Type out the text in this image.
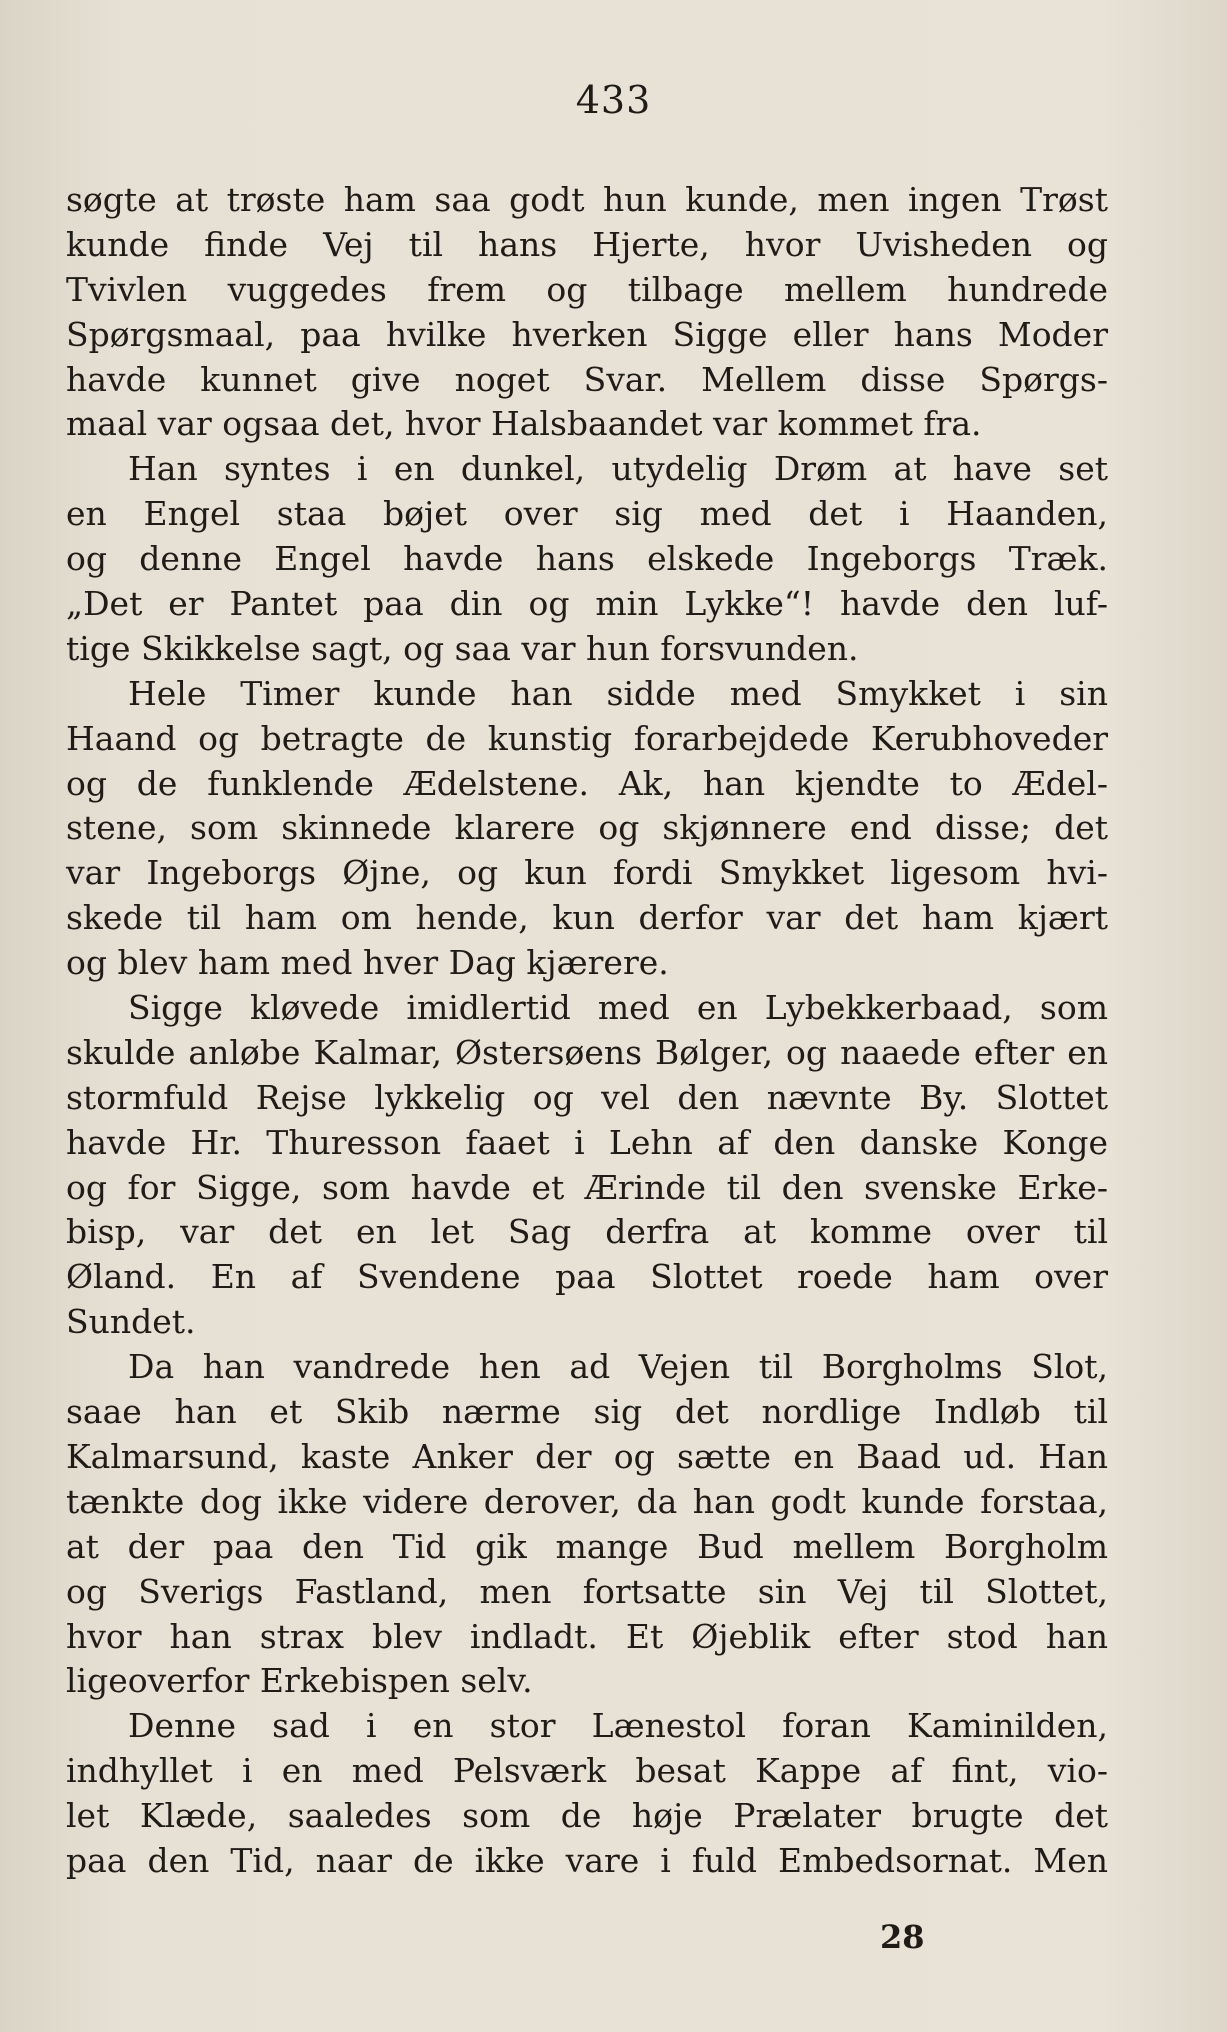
433
søgte at trøste ham saa godt hun kunde, men ingen Trøst
kunde finde Vej til hans Hjerte, hvor Uvisheden og
Tvivlen vuggedes frem og tilbage mellem hundrede
Spørgsmaal, paa hvilke hverken Sigge eller hans Moder
havde kunnet give noget Svar. Mellem disse Spørgs-
maal var ogsaa det, hvor Halsbaandet var kommet fra.
Han syntes i en dunkel, utydelig Drøm at have set
en Engel staa bøjet over sig med det i Haanden,
og denne Engel havde hans elskede Ingeborgs Træk.
„Det er Pantet paa din og min Lykke“! havde den luf-
tige Skikkelse sagt, og saa var hun forsvunden.
Hele Timer kunde han sidde med Smykket i sin
Haand og betragte de kunstig forarbejdede Kerubhoveder
og de funklende Ædelstene. Ak, han kjendte to Ædel-
stene, som skinnede klarere og skjønnere end disse; det
var Ingeborgs Øjne, og kun fordi Smykket ligesom hvi-
skede til ham om hende, kun derfor var det ham kjært
og blev ham med hver Dag kjærere.
Sigge kløvede imidlertid med en Lybekkerbaad, som
skulde anløbe Kalmar, Østersøens Bølger, og naaede efter en
stormfuld Rejse lykkelig og vel den nævnte By. Slottet
havde Hr. Thuresson faaet i Lehn af den danske Konge
og for Sigge, som havde et Ærinde til den svenske Erke-
bisp, var det en let Sag derfra at komme over til
Øland. En af Svendene paa Slottet roede ham over
Sundet.
Da han vandrede hen ad Vejen til Borgholms Slot,
saae han et Skib nærme sig det nordlige Indløb til
Kalmarsund, kaste Anker der og sætte en Baad ud. Han
tænkte dog ikke videre derover, da han godt kunde forstaa,
at der paa den Tid gik mange Bud mellem Borgholm
og Sverigs Fastland, men fortsatte sin Vej til Slottet,
hvor han strax blev indladt. Et Øjeblik efter stod han
ligeoverfor Erkebispen selv.
Denne sad i en stor Lænestol foran Kaminilden,
indhyllet i en med Pelsværk besat Kappe af fint, vio-
let Klæde, saaledes som de høje Prælater brugte det
paa den Tid, naar de ikke vare i fuld Embedsornat. Men
28
